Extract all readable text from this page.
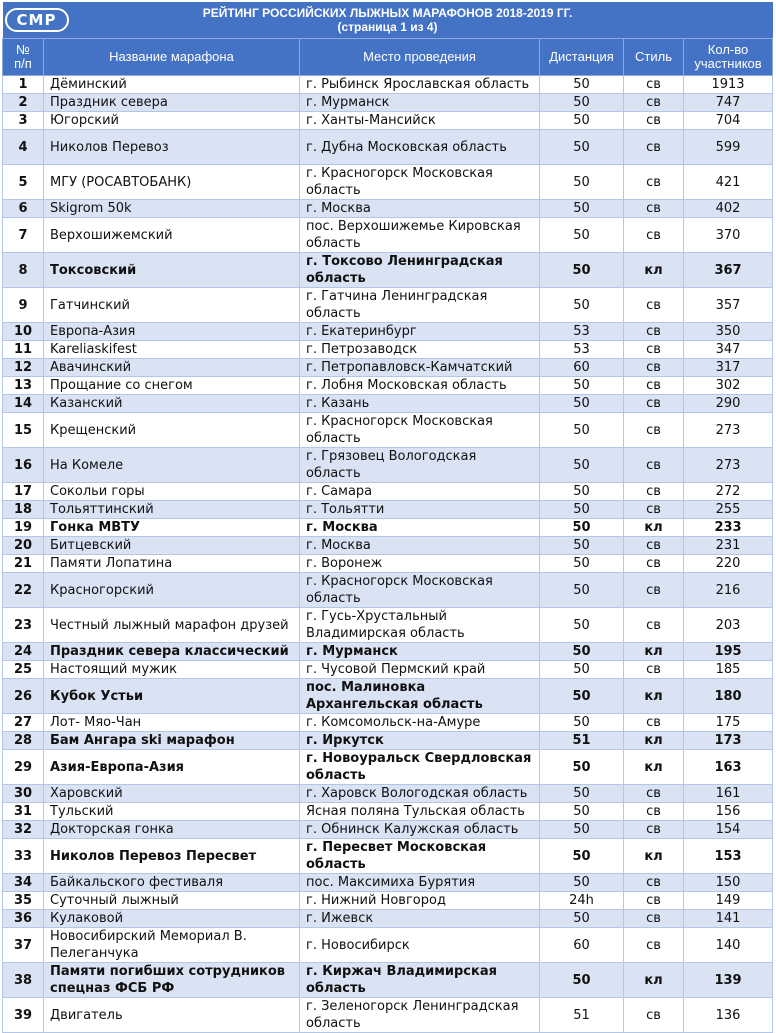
СМР РЕЙТИНГ РОССИЙСКИХ ЛЫЖНЫХ МАРАФОНОВ 2018-2019 ГГ.
(страница 1 из 4)					

№
п/п	Название марафона	Место проведения	Дистанция	Стиль	Кол-во участников
1	Дёминский	г. Рыбинск Ярославская область	50	св	1913
2	Праздник севера	г. Мурманск	50	св	747
3	Югорский	г. Ханты-Мансийск	50	св	704
4	Николов Перевоз	г. Дубна Московская область	50	св	599
5	МГУ (РОСАВТОБАНК)	г. Красногорск Московская область	50	св	421
6	Skigrom 50k	г. Москва	50	св	402
7	Верхошижемский	пос. Верхошижемье Кировская область	50	св	370
8	Токсовский	г. Токсово Ленинградская область	50	кл	367
9	Гатчинский	г. Гатчина Ленинградская область	50	св	357
10	Европа-Азия	г. Екатеринбург	53	св	350
11	Kareliaskifest	г. Петрозаводск	53	св	347
12	Авачинский	г. Петропавловск-Камчатский	60	св	317
13	Прощание со снегом	г. Лобня Московская область	50	св	302
14	Казанский	г. Казань	50	св	290
15	Крещенский	г. Красногорск Московская область	50	св	273
16	На Комеле	г. Грязовец Вологодская область	50	св	273
17	Сокольи горы	г. Самара	50	св	272
18	Тольяттинский	г. Тольятти	50	св	255
19	Гонка МВТУ	г. Москва	50	кл	233
20	Битцевский	г. Москва	50	св	231
21	Памяти Лопатина	г. Воронеж	50	св	220
22	Красногорский	г. Красногорск Московская область	50	св	216
23	Честный лыжный марафон друзей	г. Гусь-Хрустальный Владимирская область	50	св	203
24	Праздник севера классический	г. Мурманск	50	кл	195
25	Настоящий мужик	г. Чусовой Пермский край	50	св	185
26	Кубок Устьи	пос. Малиновка Архангельская область	50	кл	180
27	Лот- Мяо-Чан	г. Комсомольск-на-Амуре	50	св	175
28	Бам Ангара ski марафон	г. Иркутск	51	кл	173
29	Азия-Европа-Азия	г. Новоуральск Свердловская область	50	кл	163
30	Харовский	г. Харовск Вологодская область	50	св	161
31	Тульский	Ясная поляна Тульская область	50	св	156
32	Докторская гонка	г. Обнинск Калужская область	50	св	154
33	Николов Перевоз Пересвет	г. Пересвет Московская область	50	кл	153
34	Байкальского фестиваля	пос. Максимиха Бурятия	50	св	150
35	Суточный лыжный	г. Нижний Новгород	24h	св	149
36	Кулаковой	г. Ижевск	50	св	141
37	Новосибирский Мемориал В. Пелеганчука	г. Новосибирск	60	св	140
38	Памяти погибших сотрудников спецназ ФСБ РФ	г. Киржач Владимирская область	50	кл	139
39	Двигатель	г. Зеленогорск Ленинградская область	51	св	136
